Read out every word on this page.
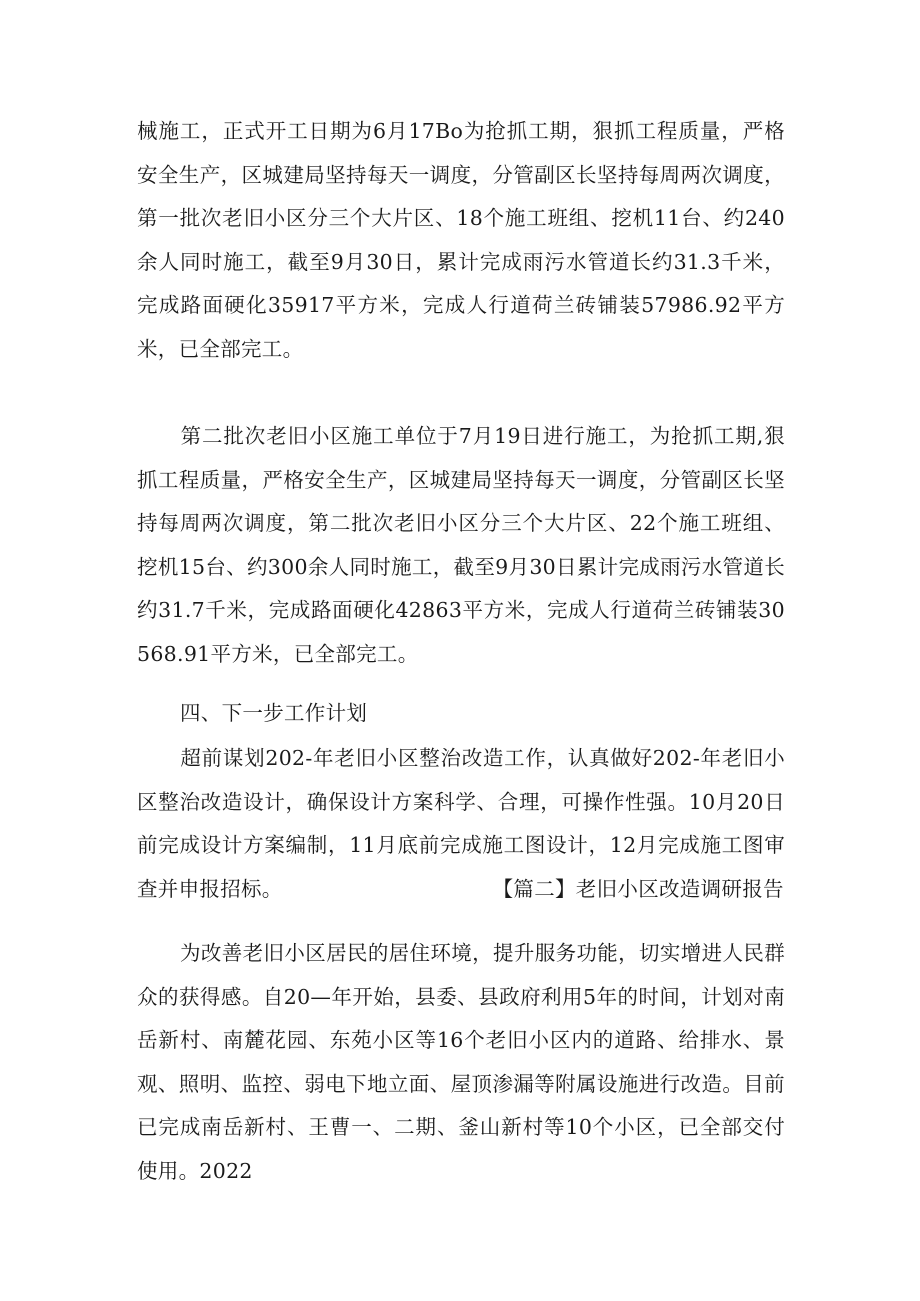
械施工，正式开工日期为6月17Bo为抢抓工期，狠抓工程质量，严格安全生产，区城建局坚持每天一调度，分管副区长坚持每周两次调度，第一批次老旧小区分三个大片区、18个施工班组、挖机11台、约240余人同时施工，截至9月30日，累计完成雨污水管道长约31.3千米，完成路面硬化35917平方米，完成人行道荷兰砖铺装57986.92平方米，已全部完工。

第二批次老旧小区施工单位于7月19日进行施工，为抢抓工期,狠抓工程质量，严格安全生产，区城建局坚持每天一调度，分管副区长坚持每周两次调度，第二批次老旧小区分三个大片区、22个施工班组、挖机15台、约300余人同时施工，截至9月30日累计完成雨污水管道长约31.7千米，完成路面硬化42863平方米，完成人行道荷兰砖铺装30568.91平方米，已全部完工。

四、下一步工作计划

超前谋划202-年老旧小区整治改造工作，认真做好202-年老旧小区整治改造设计，确保设计方案科学、合理，可操作性强。10月20日前完成设计方案编制，11月底前完成施工图设计，12月完成施工图审查并申报招标。	【篇二】老旧小区改造调研报告

为改善老旧小区居民的居住环境，提升服务功能，切实增进人民群众的获得感。自20—年开始，县委、县政府利用5年的时间，计划对南岳新村、南麓花园、东苑小区等16个老旧小区内的道路、给排水、景观、照明、监控、弱电下地立面、屋顶渗漏等附属设施进行改造。目前已完成南岳新村、王曹一、二期、釜山新村等10个小区，已全部交付使用。2022
